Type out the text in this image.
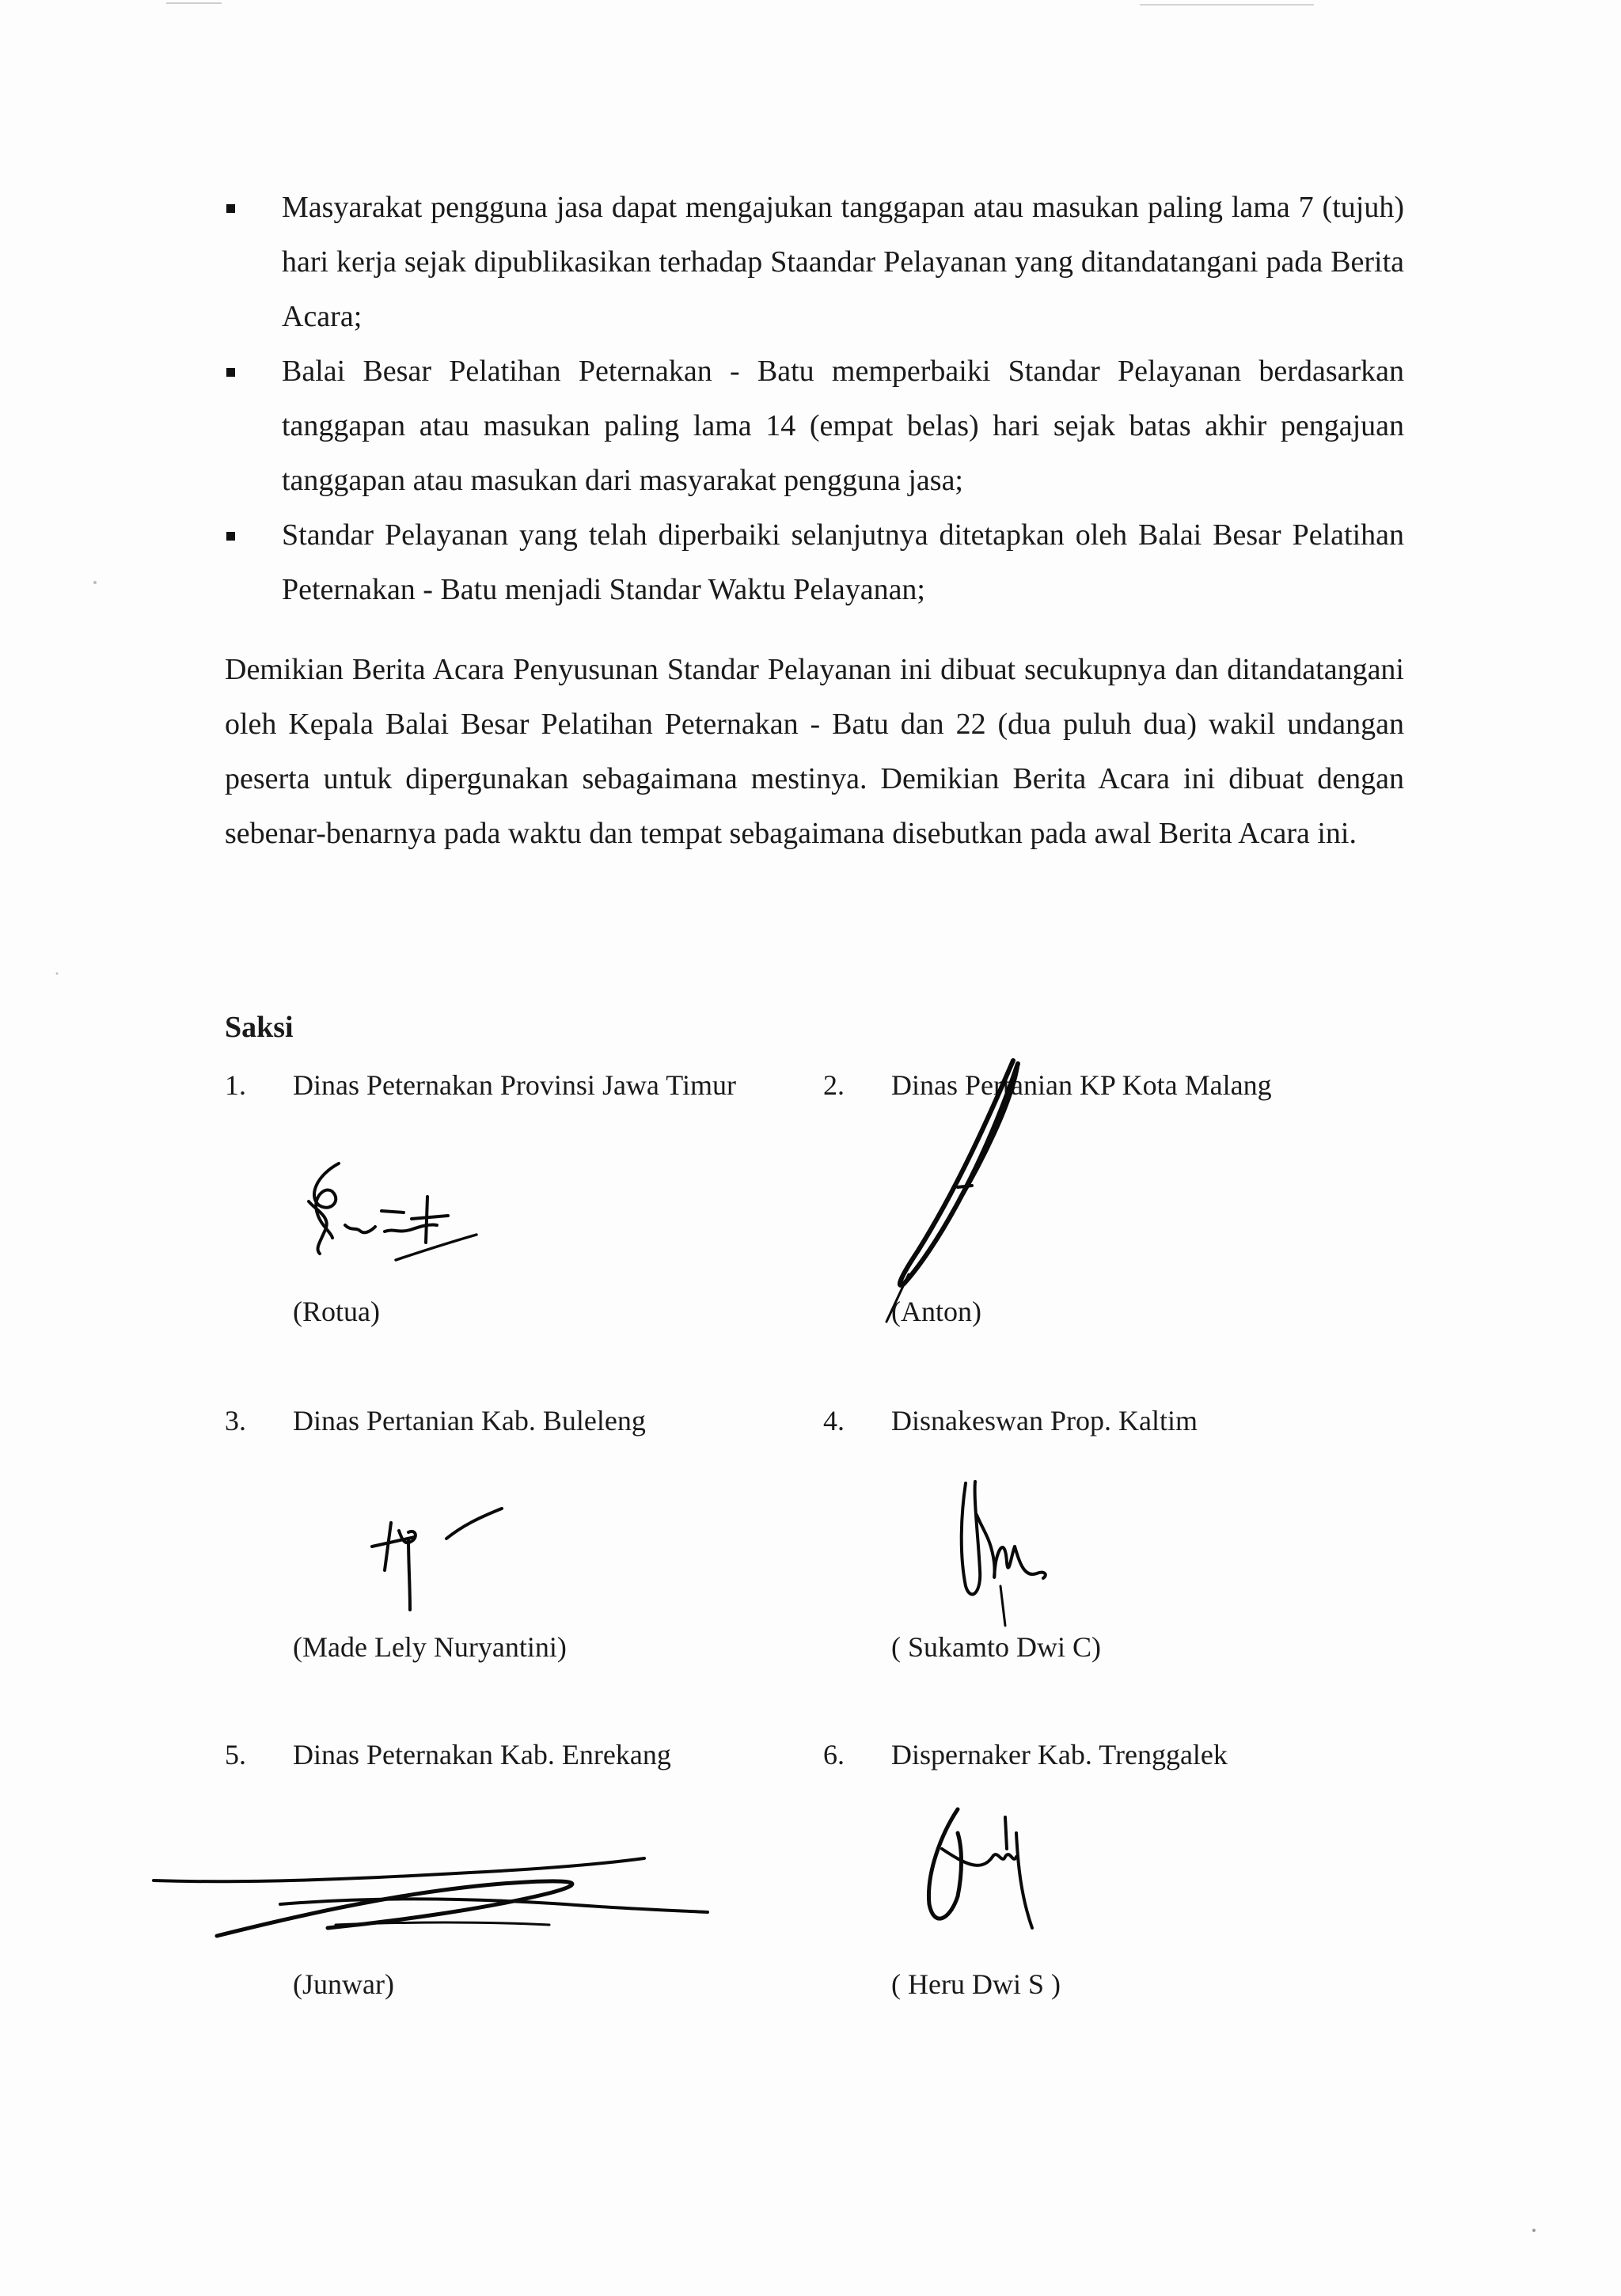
Masyarakat pengguna jasa dapat mengajukan tanggapan atau masukan paling lama 7 (tujuh) hari kerja sejak dipublikasikan terhadap Staandar Pelayanan yang ditandatangani pada Berita Acara;
Balai Besar Pelatihan Peternakan - Batu memperbaiki Standar Pelayanan berdasarkan tanggapan atau masukan paling lama 14 (empat belas) hari sejak batas akhir pengajuan tanggapan atau masukan dari masyarakat pengguna jasa;
Standar Pelayanan yang telah diperbaiki selanjutnya ditetapkan oleh Balai Besar Pelatihan Peternakan - Batu menjadi Standar Waktu Pelayanan;

Demikian Berita Acara Penyusunan Standar Pelayanan ini dibuat secukupnya dan ditandatangani oleh Kepala Balai Besar Pelatihan Peternakan - Batu dan 22 (dua puluh dua) wakil undangan peserta untuk dipergunakan sebagaimana mestinya. Demikian Berita Acara ini dibuat dengan sebenar-benarnya pada waktu dan tempat sebagaimana disebutkan pada awal Berita Acara ini.

Saksi
1. Dinas Peternakan Provinsi Jawa Timur
(Rotua)
2. Dinas Pertanian KP Kota Malang
(Anton)
3. Dinas Pertanian Kab. Buleleng
(Made Lely Nuryantini)
4. Disnakeswan Prop. Kaltim
( Sukamto Dwi C)
5. Dinas Peternakan Kab. Enrekang
(Junwar)
6. Dispernaker Kab. Trenggalek
( Heru Dwi S )
